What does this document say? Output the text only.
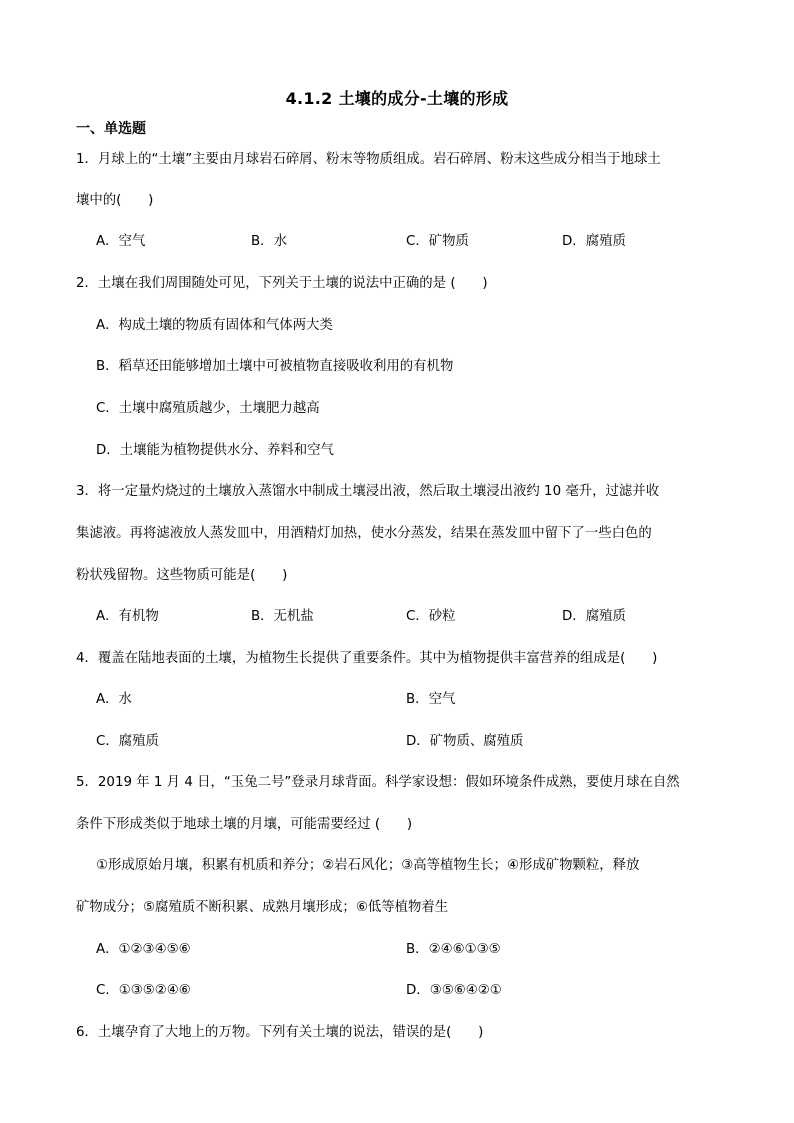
4.1.2 土壤的成分-土壤的形成
一、单选题
1．月球上的“土壤”主要由月球岩石碎屑、粉末等物质组成。岩石碎屑、粉末这些成分相当于地球土
壤中的(　　)
A．空气	B．水	C．矿物质	D．腐殖质
2．土壤在我们周围随处可见，下列关于土壤的说法中正确的是 (　　)
A．构成土壤的物质有固体和气体两大类
B．稻草还田能够增加土壤中可被植物直接吸收利用的有机物
C．土壤中腐殖质越少，土壤肥力越高
D．土壤能为植物提供水分、养料和空气
3．将一定量灼烧过的土壤放入蒸馏水中制成土壤浸出液，然后取土壤浸出液约 10 毫升，过滤并收
集滤液。再将滤液放人蒸发皿中，用酒精灯加热，使水分蒸发，结果在蒸发皿中留下了一些白色的
粉状残留物。这些物质可能是(　　)
A．有机物	B．无机盐	C．砂粒	D．腐殖质
4．覆盖在陆地表面的土壤，为植物生长提供了重要条件。其中为植物提供丰富营养的组成是(　　)
A．水	B．空气
C．腐殖质	D．矿物质、腐殖质
5．2019 年 1 月 4 日，“玉兔二号”登录月球背面。科学家设想：假如环境条件成熟，要使月球在自然
条件下形成类似于地球土壤的月壤，可能需要经过 (　　)
①形成原始月壤，积累有机质和养分；②岩石风化；③高等植物生长；④形成矿物颗粒，释放
矿物成分；⑤腐殖质不断积累、成熟月壤形成；⑥低等植物着生
A．①②③④⑤⑥	B．②④⑥①③⑤
C．①③⑤②④⑥	D．③⑤⑥④②①
6．土壤孕育了大地上的万物。下列有关土壤的说法，错误的是(　　)
